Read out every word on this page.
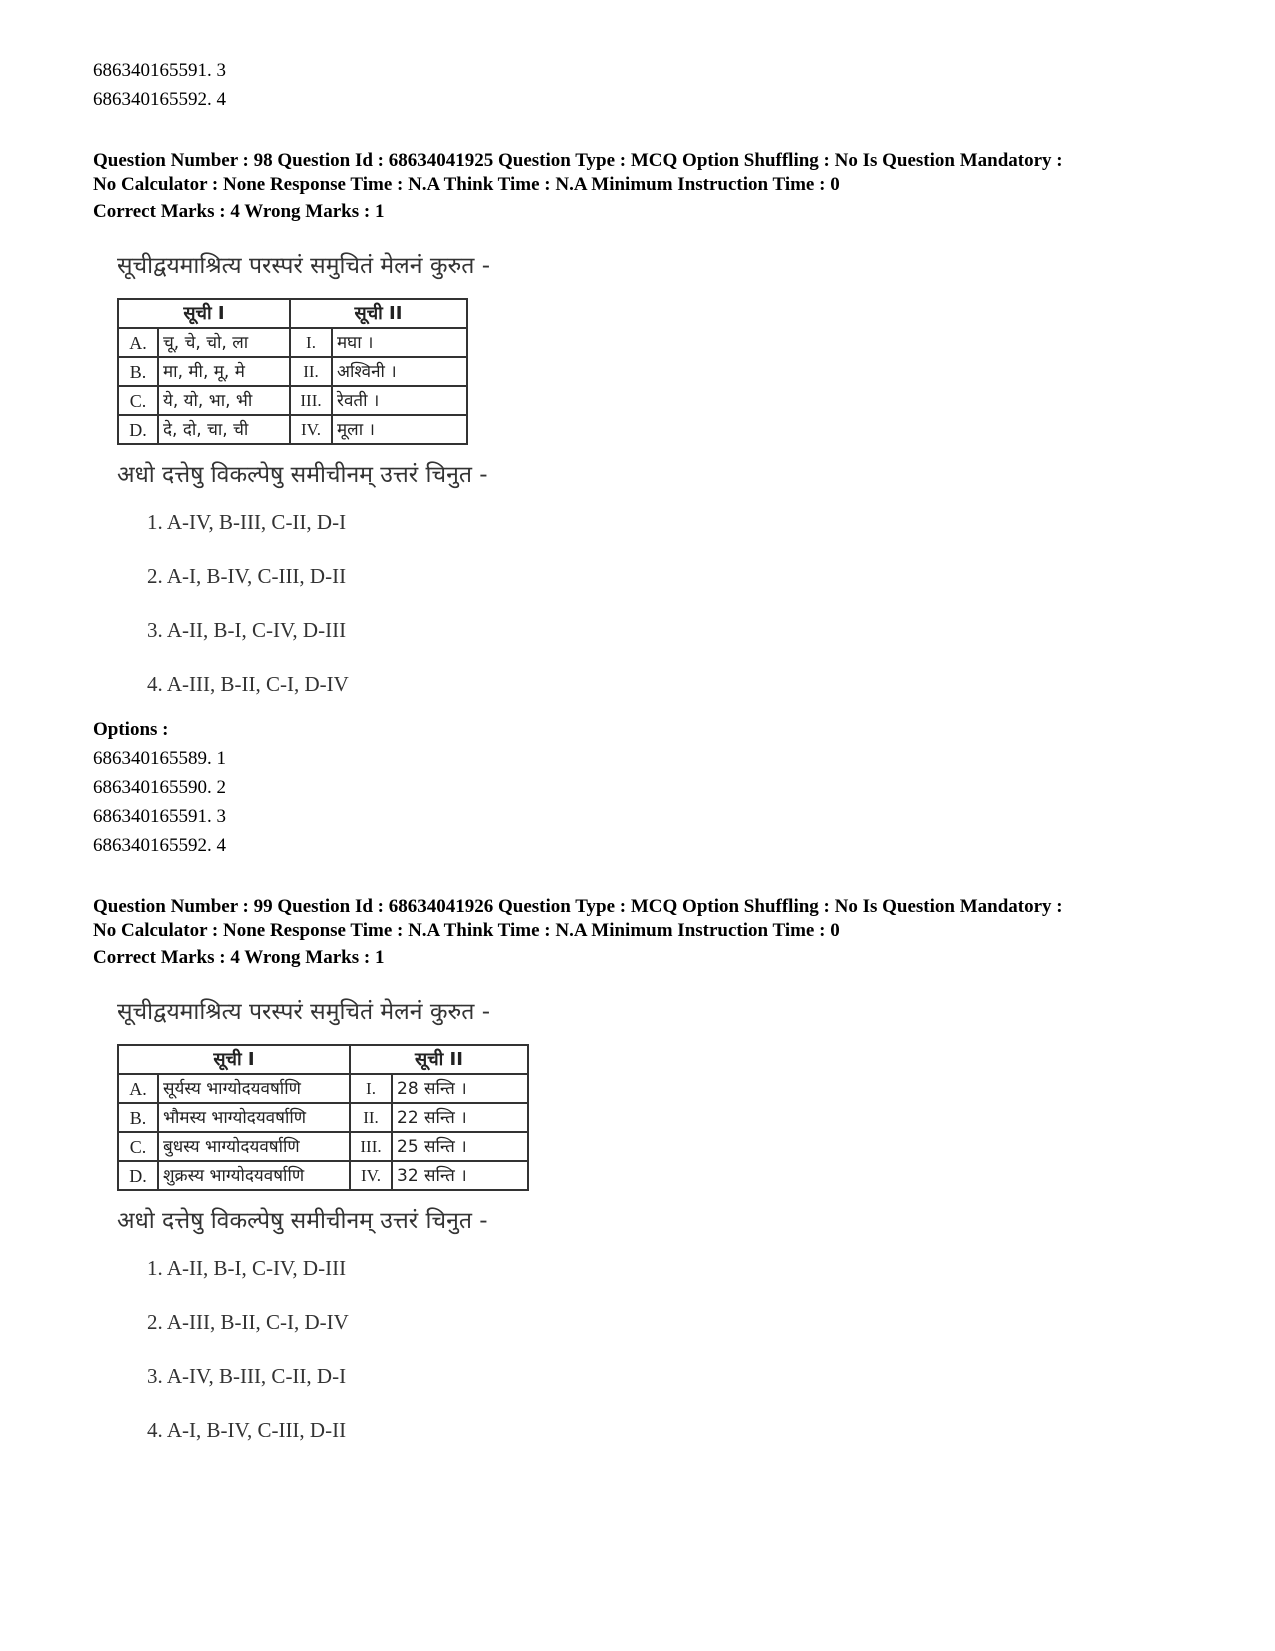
686340165591. 3
686340165592. 4
Question Number : 98 Question Id : 68634041925 Question Type : MCQ Option Shuffling : No Is Question Mandatory :
No Calculator : None Response Time : N.A Think Time : N.A Minimum Instruction Time : 0
Correct Marks : 4 Wrong Marks : 1
सूचीद्वयमाश्रित्य परस्परं समुचितं मेलनं कुरुत -
सूची I		सूची II	
A.	चू, चे, चो, ला	I.	मघा ।
B.	मा, मी, मू, मे	II.	अश्विनी ।
C.	ये, यो, भा, भी	III.	रेवती ।
D.	दे, दो, चा, ची	IV.	मूला ।
अधो दत्तेषु विकल्पेषु समीचीनम् उत्तरं चिनुत -
1. A-IV, B-III, C-II, D-I
2. A-I, B-IV, C-III, D-II
3. A-II, B-I, C-IV, D-III
4. A-III, B-II, C-I, D-IV
Options :
686340165589. 1
686340165590. 2
686340165591. 3
686340165592. 4
Question Number : 99 Question Id : 68634041926 Question Type : MCQ Option Shuffling : No Is Question Mandatory :
No Calculator : None Response Time : N.A Think Time : N.A Minimum Instruction Time : 0
Correct Marks : 4 Wrong Marks : 1
सूचीद्वयमाश्रित्य परस्परं समुचितं मेलनं कुरुत -
सूची I		सूची II	
A.	सूर्यस्य भाग्योदयवर्षाणि	I.	28 सन्ति ।
B.	भौमस्य भाग्योदयवर्षाणि	II.	22 सन्ति ।
C.	बुधस्य भाग्योदयवर्षाणि	III.	25 सन्ति ।
D.	शुक्रस्य भाग्योदयवर्षाणि	IV.	32 सन्ति ।
अधो दत्तेषु विकल्पेषु समीचीनम् उत्तरं चिनुत -
1. A-II, B-I, C-IV, D-III
2. A-III, B-II, C-I, D-IV
3. A-IV, B-III, C-II, D-I
4. A-I, B-IV, C-III, D-II
